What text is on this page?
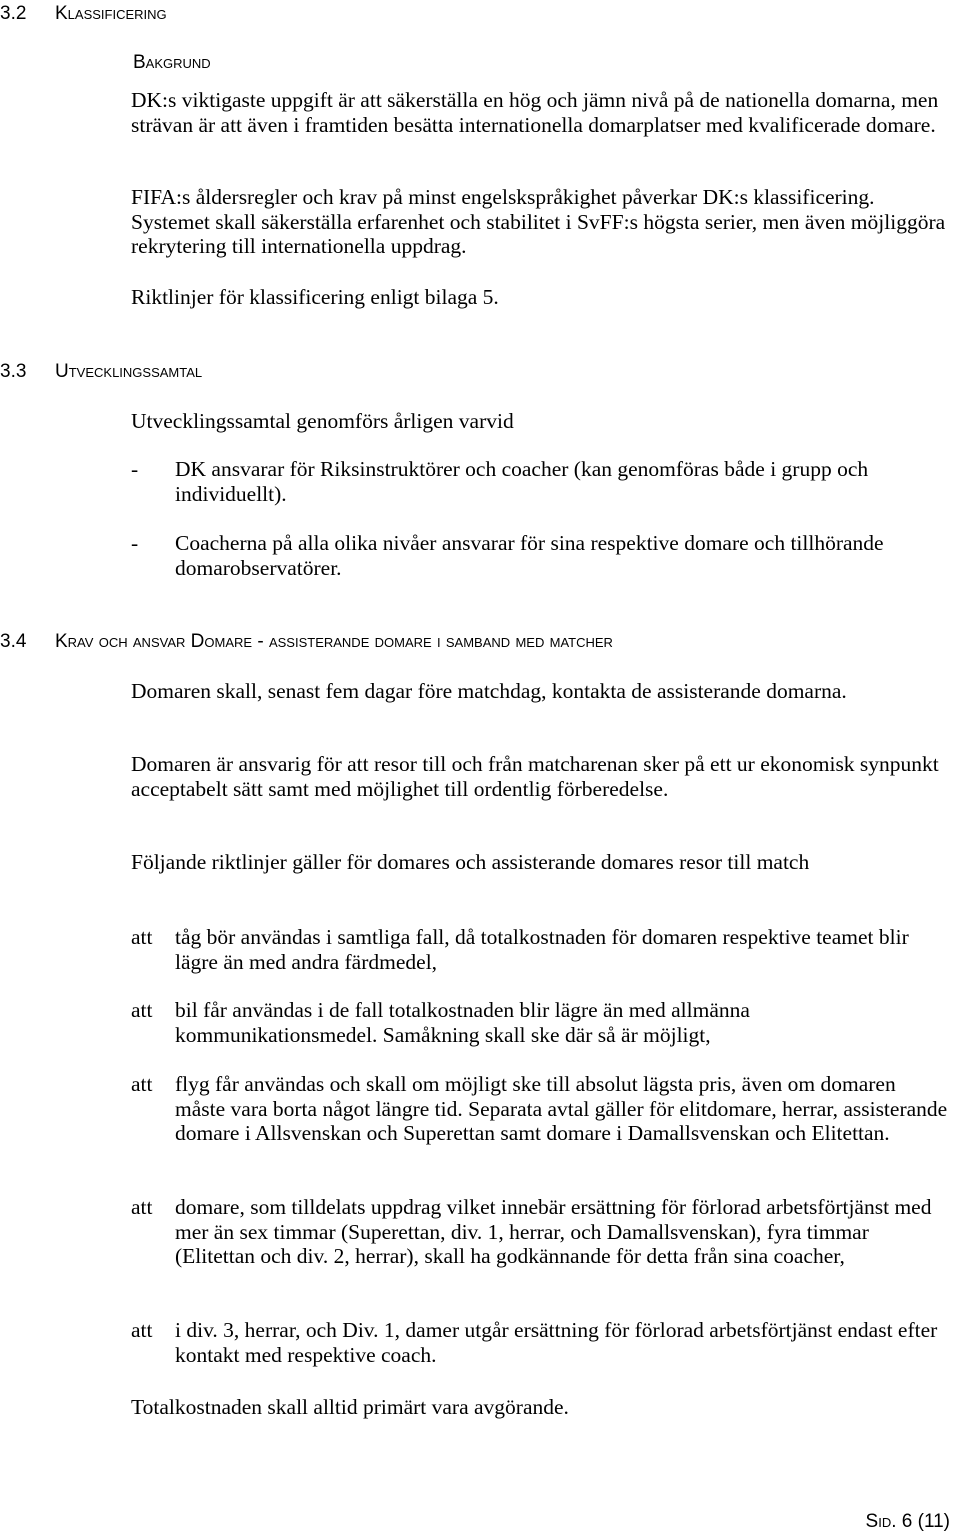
3.2 Klassificering
Bakgrund
DK:s viktigaste uppgift är att säkerställa en hög och jämn nivå på de nationella domarna, men strävan är att även i framtiden besätta internationella domarplatser med kvalificerade domare.
FIFA:s åldersregler och krav på minst engelskspråkighet påverkar DK:s klassificering. Systemet skall säkerställa erfarenhet och stabilitet i SvFF:s högsta serier, men även möjliggöra rekrytering till internationella uppdrag.
Riktlinjer för klassificering enligt bilaga 5.
3.3 Utvecklingssamtal
Utvecklingssamtal genomförs årligen varvid
- DK ansvarar för Riksinstruktörer och coacher (kan genomföras både i grupp och individuellt).
- Coacherna på alla olika nivåer ansvarar för sina respektive domare och tillhörande domarobservatörer.
3.4 Krav och ansvar Domare - assisterande domare i samband med matcher
Domaren skall, senast fem dagar före matchdag, kontakta de assisterande domarna.
Domaren är ansvarig för att resor till och från matcharenan sker på ett ur ekonomisk synpunkt acceptabelt sätt samt med möjlighet till ordentlig förberedelse.
Följande riktlinjer gäller för domares och assisterande domares resor till match
att tåg bör användas i samtliga fall, då totalkostnaden för domaren respektive teamet blir lägre än med andra färdmedel,
att bil får användas i de fall totalkostnaden blir lägre än med allmänna kommunikationsmedel. Samåkning skall ske där så är möjligt,
att flyg får användas och skall om möjligt ske till absolut lägsta pris, även om domaren måste vara borta något längre tid. Separata avtal gäller för elitdomare, herrar, assisterande domare i Allsvenskan och Superettan samt domare i Damallsvenskan och Elitettan.
att domare, som tilldelats uppdrag vilket innebär ersättning för förlorad arbetsförtjänst med mer än sex timmar (Superettan, div. 1, herrar, och Damallsvenskan), fyra timmar (Elitettan och div. 2, herrar), skall ha godkännande för detta från sina coacher,
att i div. 3, herrar, och Div. 1, damer utgår ersättning för förlorad arbetsförtjänst endast efter kontakt med respektive coach.
Totalkostnaden skall alltid primärt vara avgörande.
Sid. 6 (11)
